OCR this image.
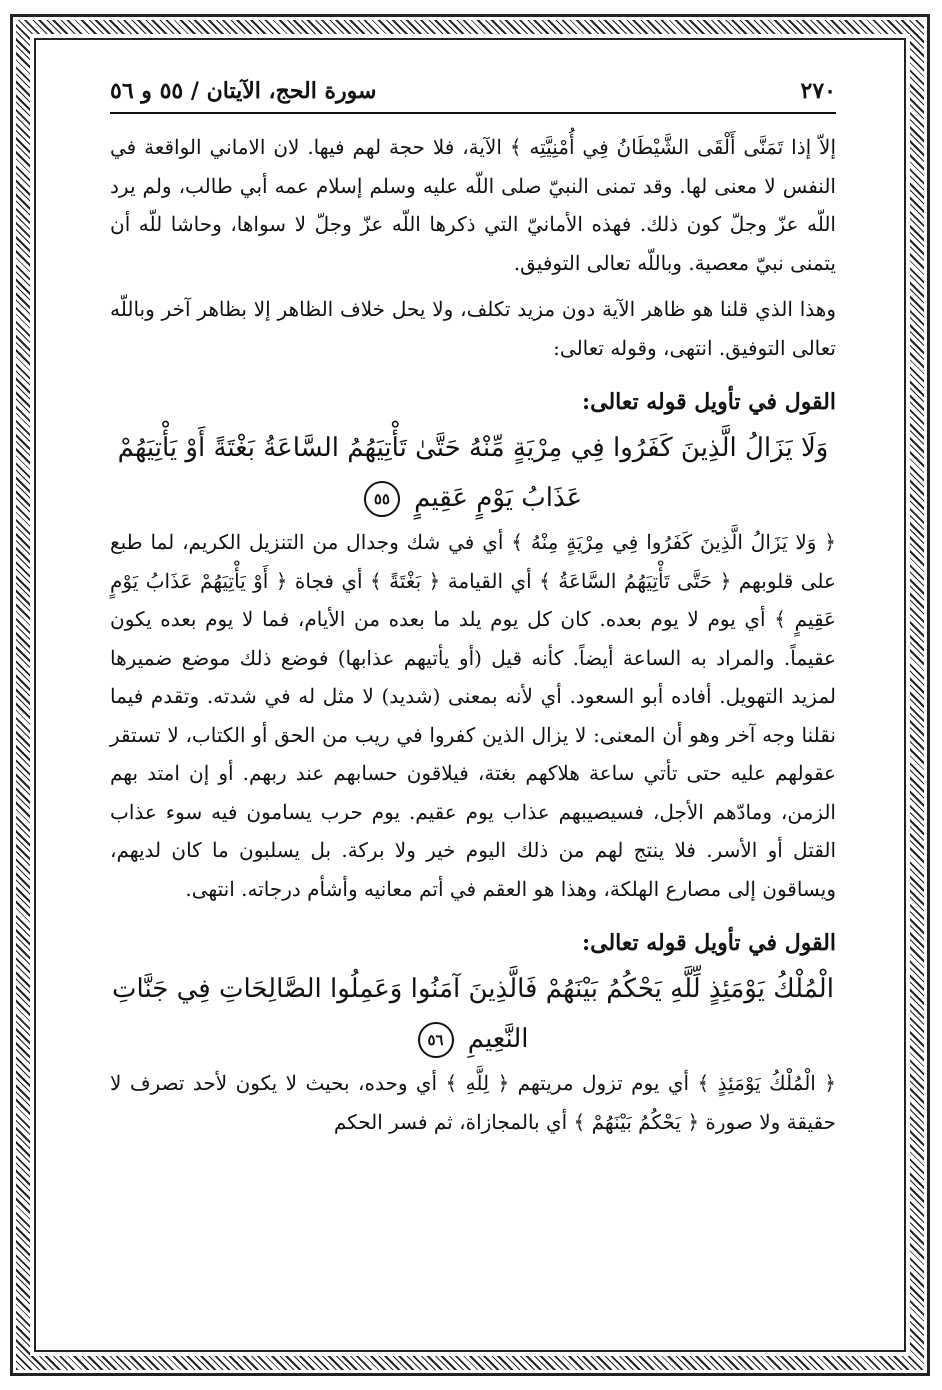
٢٧٠
سورة الحج، الآيتان / ٥٥ و ٥٦

إلاّ إذا تَمَنَّى أَلْقَى الشَّيْطَانُ فِي أُمْنِيَّتِه ﴾ الآية، فلا حجة لهم فيها. لان الاماني الواقعة في النفس لا معنى لها. وقد تمنى النبيّ صلى اللّه عليه وسلم إسلام عمه أبي طالب، ولم يرد اللّه عزّ وجلّ كون ذلك. فهذه الأمانيّ التي ذكرها اللّه عزّ وجلّ لا سواها، وحاشا للّه أن يتمنى نبيّ معصية. وباللّه تعالى التوفيق.

وهذا الذي قلنا هو ظاهر الآية دون مزيد تكلف، ولا يحل خلاف الظاهر إلا بظاهر آخر وباللّه تعالى التوفيق. انتهى، وقوله تعالى:

القول في تأويل قوله تعالى:
وَلَا يَزَالُ الَّذِينَ كَفَرُوا فِي مِرْيَةٍ مِّنْهُ حَتَّىٰ تَأْتِيَهُمُ السَّاعَةُ بَغْتَةً أَوْ يَأْتِيَهُمْ عَذَابُ يَوْمٍ عَقِيمٍ ٥٥

﴿ وَلا يَزَالُ الَّذِينَ كَفَرُوا فِي مِرْيَةٍ مِنْهُ ﴾ أي في شك وجدال من التنزيل الكريم، لما طبع على قلوبهم ﴿ حَتَّى تَأْتِيَهُمُ السَّاعَةُ ﴾ أي القيامة ﴿ بَغْتَةً ﴾ أي فجاة ﴿ أَوْ يَأْتِيَهُمْ عَذَابُ يَوْمٍ عَقِيمٍ ﴾ أي يوم لا يوم بعده. كان كل يوم يلد ما بعده من الأيام، فما لا يوم بعده يكون عقيماً. والمراد به الساعة أيضاً. كأنه قيل (أو يأتيهم عذابها) فوضع ذلك موضع ضميرها لمزيد التهويل. أفاده أبو السعود. أي لأنه بمعنى (شديد) لا مثل له في شدته. وتقدم فيما نقلنا وجه آخر وهو أن المعنى: لا يزال الذين كفروا في ريب من الحق أو الكتاب، لا تستقر عقولهم عليه حتى تأتي ساعة هلاكهم بغتة، فيلاقون حسابهم عند ربهم. أو إن امتد بهم الزمن، ومادّهم الأجل، فسيصيبهم عذاب يوم عقيم. يوم حرب يسامون فيه سوء عذاب القتل أو الأسر. فلا ينتج لهم من ذلك اليوم خير ولا بركة. بل يسلبون ما كان لديهم، ويساقون إلى مصارع الهلكة، وهذا هو العقم في أتم معانيه وأشأم درجاته. انتهى.

القول في تأويل قوله تعالى:
الْمُلْكُ يَوْمَئِذٍ لِّلَّهِ يَحْكُمُ بَيْنَهُمْ فَالَّذِينَ آمَنُوا وَعَمِلُوا الصَّالِحَاتِ فِي جَنَّاتِ النَّعِيمِ ٥٦

﴿ الْمُلْكُ يَوْمَئِذٍ ﴾ أي يوم تزول مريتهم ﴿ لِلَّهِ ﴾ أي وحده، بحيث لا يكون لأحد تصرف لا حقيقة ولا صورة ﴿ يَحْكُمُ بَيْنَهُمْ ﴾ أي بالمجازاة، ثم فسر الحكم
